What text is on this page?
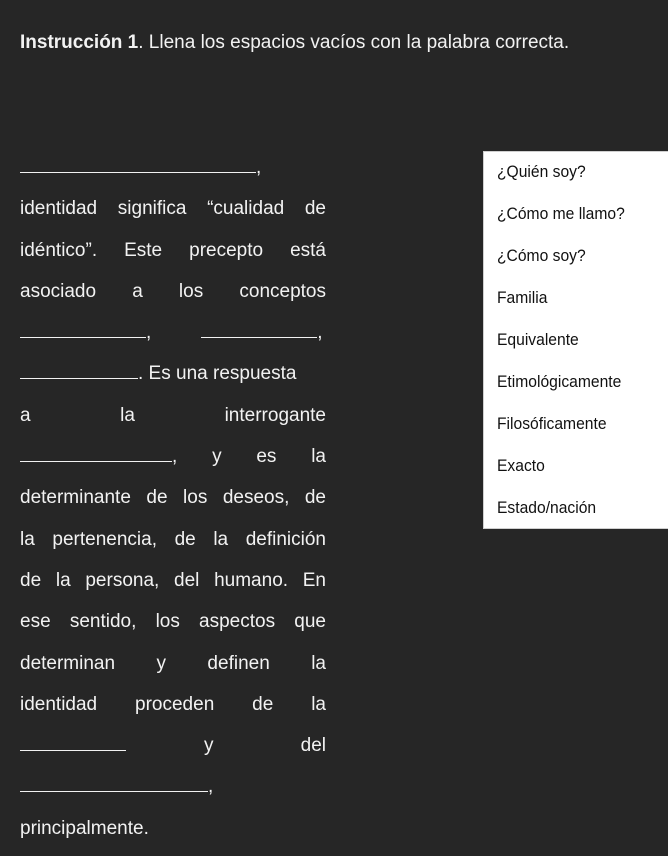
Instrucción 1. Llena los espacios vacíos con la palabra correcta.
,
identidad significa “cualidad de
idéntico”. Este precepto está
asociado a los conceptos
,	,
. Es una respuesta
a la interrogante
, y es la
determinante de los deseos, de
la pertenencia, de la definición
de la persona, del humano. En
ese sentido, los aspectos que
determinan y definen la
identidad proceden de la
y del
,
principalmente.
¿Quién soy?
¿Cómo me llamo?
¿Cómo soy?
Familia
Equivalente
Etimológicamente
Filosóficamente
Exacto
Estado/nación
